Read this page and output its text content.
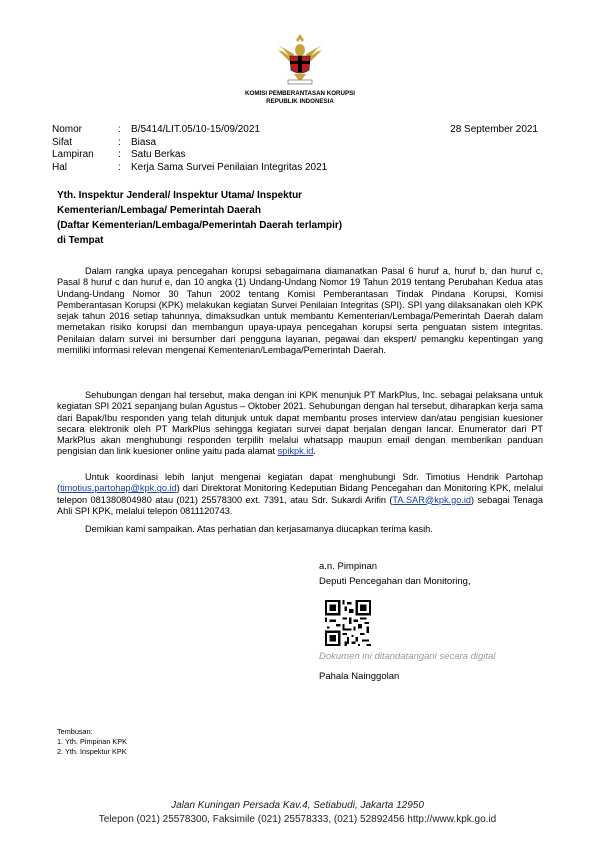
KOMISI PEMBERANTASAN KORUPSI
REPUBLIK INDONESIA
Nomor
Sifat
Lampiran
Hal
:
:
:
:
B/5414/LIT.05/10-15/09/2021
Biasa
Satu Berkas
Kerja Sama Survei Penilaian Integritas 2021
28 September 2021
Yth. Inspektur Jenderal/ Inspektur Utama/ Inspektur
Kementerian/Lembaga/ Pemerintah Daerah
(Daftar Kementerian/Lembaga/Pemerintah Daerah terlampir)
di Tempat
Dalam rangka upaya pencegahan korupsi sebagaimana diamanatkan Pasal 6 huruf a, huruf b, dan huruf c, Pasal 8 huruf c dan huruf e, dan 10 angka (1) Undang-Undang Nomor 19 Tahun 2019 tentang Perubahan Kedua atas Undang-Undang Nomor 30 Tahun 2002 tentang Komisi Pemberantasan Tindak Pindana Korupsi, Komisi Pemberantasan Korupsi (KPK) melakukan kegiatan Survei Penilaian Integritas (SPI). SPI yang dilaksanakan oleh KPK sejak tahun 2016 setiap tahunnya, dimaksudkan untuk membantu Kementerian/Lembaga/Pemerintah Daerah dalam memetakan risiko korupsi dan membangun upaya-upaya pencegahan korupsi serta penguatan sistem integritas. Penilaian dalam survei ini bersumber dari pengguna layanan, pegawai dan ekspert/ pemangku kepentingan yang memiliki informasi relevan mengenai Kementerian/Lembaga/Pemerintah Daerah.
Sehubungan dengan hal tersebut, maka dengan ini KPK menunjuk PT MarkPlus, Inc. sebagai pelaksana untuk kegiatan SPI 2021 sepanjang bulan Agustus – Oktober 2021. Sehubungan dengan hal tersebut, diharapkan kerja sama dari Bapak/Ibu responden yang telah ditunjuk untuk dapat membantu proses interview dan/atau pengisian kuesioner secara elektronik oleh PT MarkPlus sehingga kegiatan survei dapat berjalan dengan lancar. Enumerator dari PT MarkPlus akan menghubungi responden terpilih melalui whatsapp maupun email dengan memberikan panduan pengisian dan link kuesioner online yaitu pada alamat spikpk.id.
Untuk koordinasi lebih lanjut mengenai kegiatan dapat menghubungi Sdr. Timotius Hendrik Partohap (timotius.partohap@kpk.go.id) dari Direktorat Monitoring Kedeputian Bidang Pencegahan dan Monitoring KPK, melalui telepon 081380804980 atau (021) 25578300 ext. 7391, atau Sdr. Sukardi Arifin (TA.SAR@kpk.go.id) sebagai Tenaga Ahli SPI KPK, melalui telepon 0811120743.
Demikian kami sampaikan. Atas perhatian dan kerjasamanya diucapkan terima kasih.
a.n. Pimpinan
Deputi Pencegahan dan Monitoring,
Dokumen ini ditandatangani secara digital
Pahala Nainggolan
Tembusan:
1. Yth. Pimpinan KPK
2. Yth. Inspektur KPK
Jalan Kuningan Persada Kav.4, Setiabudi, Jakarta 12950
Telepon (021) 25578300, Faksimile (021) 25578333, (021) 52892456 http://www.kpk.go.id
